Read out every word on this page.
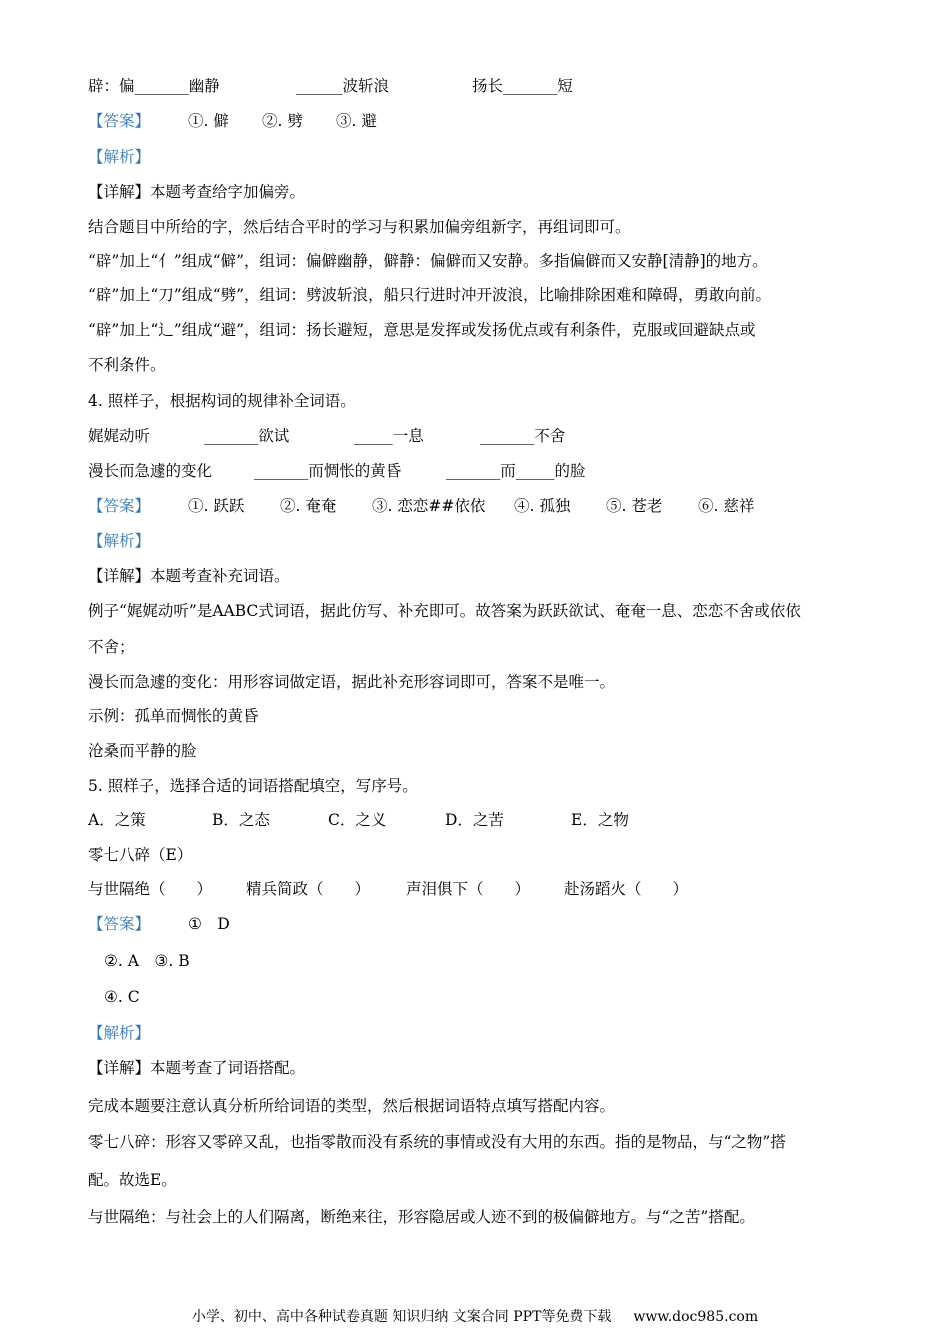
辟：偏_______幽静	______波斩浪	扬长_______短
【答案】 ①. 僻 ②. 劈 ③. 避
【解析】
【详解】本题考查给字加偏旁。
结合题目中所给的字，然后结合平时的学习与积累加偏旁组新字，再组词即可。
“辟”加上“亻”组成“僻”，组词：偏僻幽静，僻静：偏僻而又安静。多指偏僻而又安静[清静]的地方。
“辟”加上“刀”组成“劈”，组词：劈波斩浪，船只行进时冲开波浪，比喻排除困难和障碍，勇敢向前。
“辟”加上“辶”组成“避”，组词：扬长避短，意思是发挥或发扬优点或有利条件，克服或回避缺点或
不利条件。
4. 照样子，根据构词的规律补全词语。
娓娓动听	_______欲试	_____一息	_______不舍
漫长而急遽的变化	_______而惆怅的黄昏	_______而_____的脸
【答案】 ①. 跃跃 ②. 奄奄 ③. 恋恋##依依 ④. 孤独 ⑤. 苍老 ⑥. 慈祥
【解析】
【详解】本题考查补充词语。
例子“娓娓动听”是AABC式词语，据此仿写、补充即可。故答案为跃跃欲试、奄奄一息、恋恋不舍或依依
不舍；
漫长而急遽的变化：用形容词做定语，据此补充形容词即可，答案不是唯一。
示例：孤单而惆怅的黄昏
沧桑而平静的脸
5. 照样子，选择合适的词语搭配填空，写序号。
A．之策	B．之态	C．之义	D．之苦	E．之物
零七八碎（E）
与世隔绝（　　） 精兵简政（　　） 声泪俱下（　　） 赴汤蹈火（　　）
【答案】 ①　D
②. A　③. B
④. C
【解析】
【详解】本题考查了词语搭配。
完成本题要注意认真分析所给词语的类型，然后根据词语特点填写搭配内容。
零七八碎：形容又零碎又乱，也指零散而没有系统的事情或没有大用的东西。指的是物品，与“之物”搭
配。故选E。
与世隔绝：与社会上的人们隔离，断绝来往，形容隐居或人迹不到的极偏僻地方。与“之苦”搭配。
小学、初中、高中各种试卷真题 知识归纳 文案合同 PPT等免费下载 www.doc985.com
